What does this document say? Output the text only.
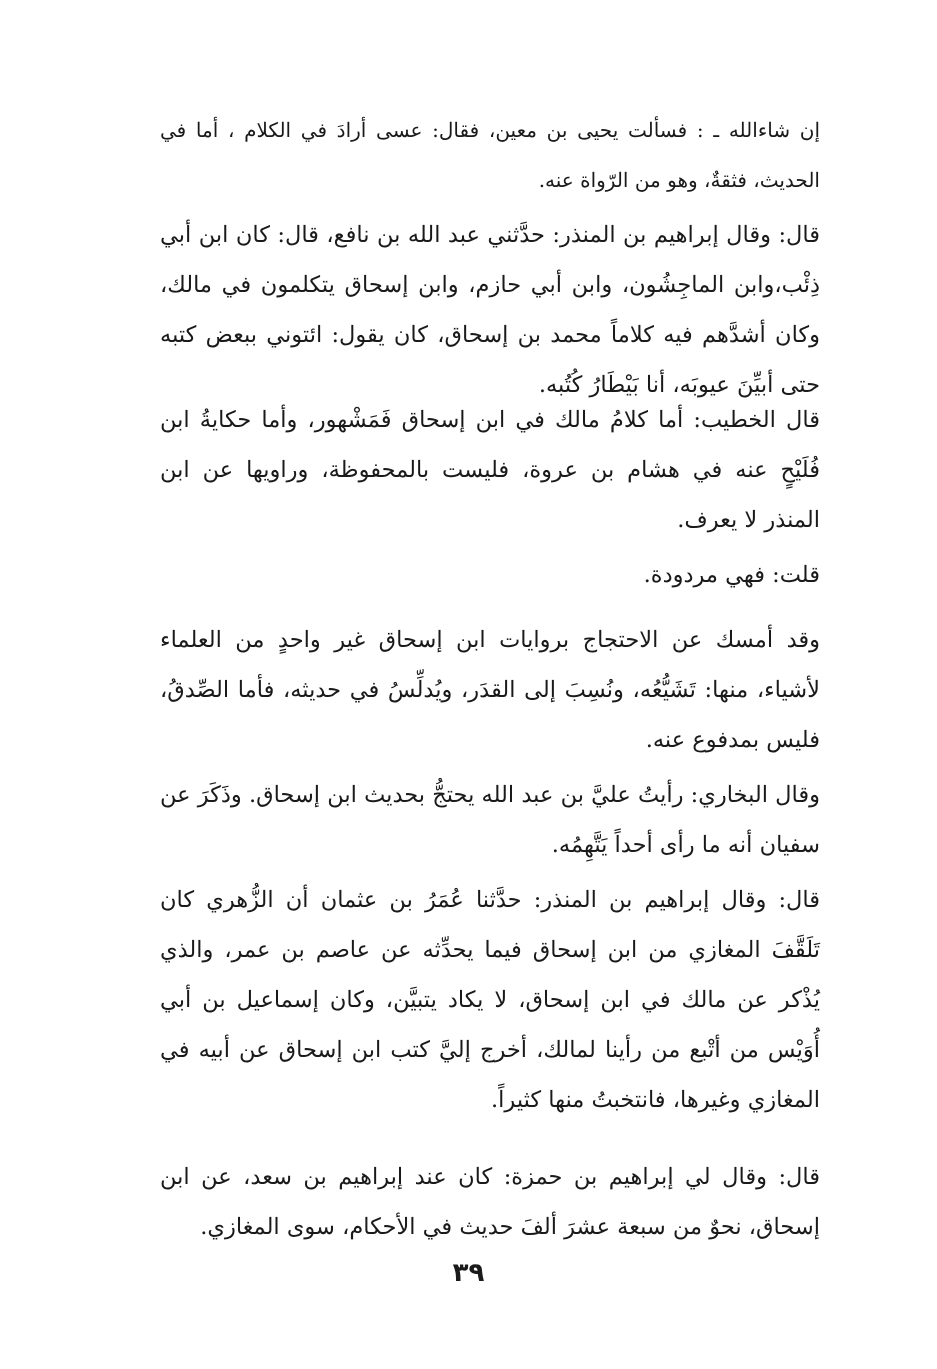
إن شاءالله ـ : فسألت يحيى بن معين، فقال: عسى أرادَ في الكلام ، أما في الحديث، فثقةٌ، وهو من الرّواة عنه.

قال: وقال إبراهيم بن المنذر: حدَّثني عبد الله بن نافع، قال: كان ابن أبي ذِئْب،وابن الماجِشُون، وابن أبي حازم، وابن إسحاق يتكلمون في مالك، وكان أشدَّهم فيه كلاماً محمد بن إسحاق، كان يقول: ائتوني ببعض كتبه حتى أبيِّنَ عيوبَه، أنا بَيْطَارُ كُتُبه.

قال الخطيب: أما كلامُ مالك في ابن إسحاق فَمَشْهور، وأما حكايةُ ابن فُلَيْحٍ عنه في هشام بن عروة، فليست بالمحفوظة، وراويها عن ابن المنذر لا يعرف.

قلت: فهي مردودة.

وقد أمسك عن الاحتجاج بروايات ابن إسحاق غير واحدٍ من العلماء لأشياء، منها: تَشَيُّعُه، ونُسِبَ إلى القدَر، ويُدلِّسُ في حديثه، فأما الصِّدقُ، فليس بمدفوع عنه.

وقال البخاري: رأيتُ عليَّ بن عبد الله يحتجُّ بحديث ابن إسحاق. وذَكَرَ عن سفيان أنه ما رأى أحداً يَتَّهِمُه.

قال: وقال إبراهيم بن المنذر: حدَّثنا عُمَرُ بن عثمان أن الزُّهري كان تَلَقَّفَ المغازي من ابن إسحاق فيما يحدِّثه عن عاصم بن عمر، والذي يُذْكر عن مالك في ابن إسحاق، لا يكاد يتبيَّن، وكان إسماعيل بن أبي أُوَيْس من أتْبع من رأينا لمالك، أخرج إليَّ كتب ابن إسحاق عن أبيه في المغازي وغيرها، فانتخبتُ منها كثيراً.

قال: وقال لي إبراهيم بن حمزة: كان عند إبراهيم بن سعد، عن ابن إسحاق، نحوٌ من سبعة عشرَ ألفَ حديث في الأحكام، سوى المغازي.

٣٩
